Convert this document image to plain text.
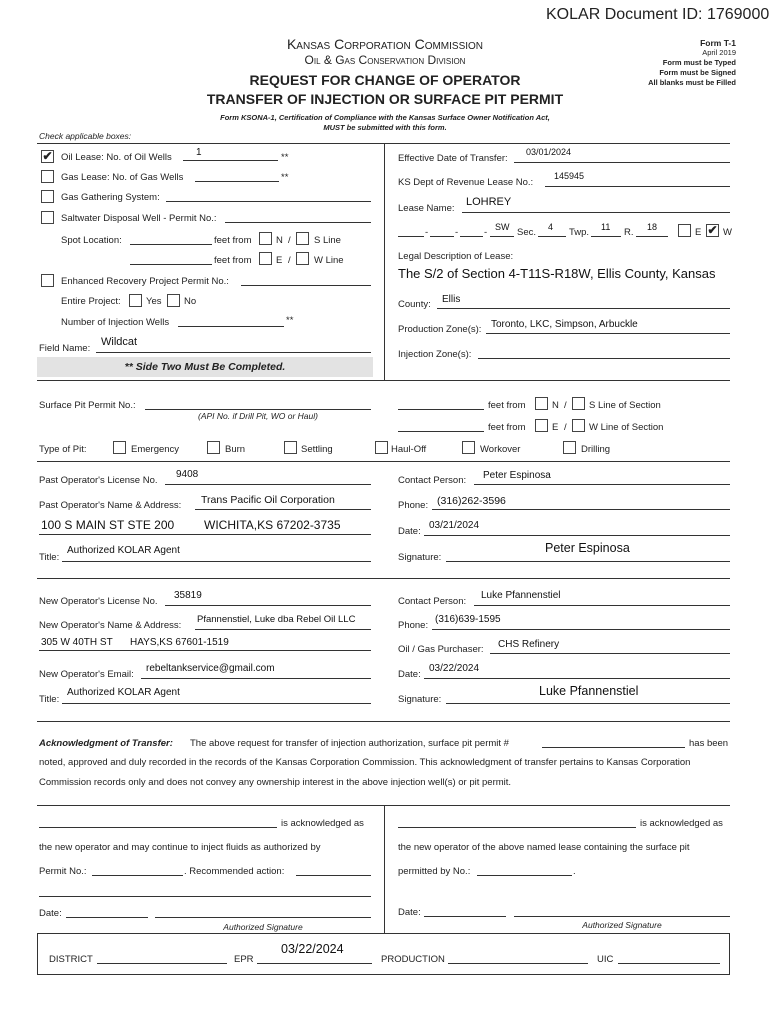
KOLAR Document ID: 1769000
Kansas Corporation Commission
Oil & Gas Conservation Division
REQUEST FOR CHANGE OF OPERATOR
TRANSFER OF INJECTION OR SURFACE PIT PERMIT
Form KSONA-1, Certification of Compliance with the Kansas Surface Owner Notification Act,
MUST be submitted with this form.
Form T-1
April 2019
Form must be Typed
Form must be Signed
All blanks must be Filled
Check applicable boxes:
✔ Oil Lease: No. of Oil Wells 1	**
Gas Lease: No. of Gas Wells	**
Gas Gathering System:
Saltwater Disposal Well - Permit No.:
Spot Location:	feet from	N / S Line
feet from	E / W Line
Enhanced Recovery Project Permit No.:
Entire Project:	Yes No
Number of Injection Wells	**
Field Name:
Wildcat
** Side Two Must Be Completed.
Effective Date of Transfer:
03/01/2024
KS Dept of Revenue Lease No.:
145945
Lease Name:
LOHREY
-	-	- SW Sec. 4 Twp. 11 R. 18	E ✔ W
Legal Description of Lease:
The S/2 of Section 4-T11S-R18W, Ellis County, Kansas
County: Ellis
Production Zone(s): Toronto, LKC, Simpson, Arbuckle
Injection Zone(s):
Surface Pit Permit No.:
(API No. if Drill Pit, WO or Haul)
feet from	N / S Line of Section
feet from	E / W Line of Section
Type of Pit:	Emergency	Burn	Settling	Haul-Off	Workover	Drilling
Past Operator's License No.
9408
Contact Person: Peter Espinosa
Past Operator's Name & Address: Trans Pacific Oil Corporation	Phone: (316)262-3596
100 S MAIN ST STE 200 WICHITA,KS 67202-3735	Date:
03/21/2024
Title:
Authorized KOLAR Agent
Signature:
Peter Espinosa
New Operator's License No.
35819
Contact Person:
Luke Pfannenstiel
New Operator's Name & Address:
Pfannenstiel, Luke dba Rebel Oil LLC
Phone:
(316)639-1595
305 W 40TH ST HAYS,KS 67601-1519
Oil / Gas Purchaser: CHS Refinery
New Operator's Email:
rebeltankservice@gmail.com
Date:
03/22/2024
Title:
Authorized KOLAR Agent
Signature:
Luke Pfannenstiel
Acknowledgment of Transfer: The above request for transfer of injection authorization, surface pit permit #	has been
noted, approved and duly recorded in the records of the Kansas Corporation Commission. This acknowledgment of transfer pertains to Kansas Corporation
Commission records only and does not convey any ownership interest in the above injection well(s) or pit permit.
is acknowledged as	is acknowledged as
the new operator and may continue to inject fluids as authorized by	the new operator of the above named lease containing the surface pit
Permit No.:	. Recommended action:	permitted by No.:	.
Date:
Authorized Signature
Date:
Authorized Signature
DISTRICT	EPR
03/22/2024
PRODUCTION	UIC
